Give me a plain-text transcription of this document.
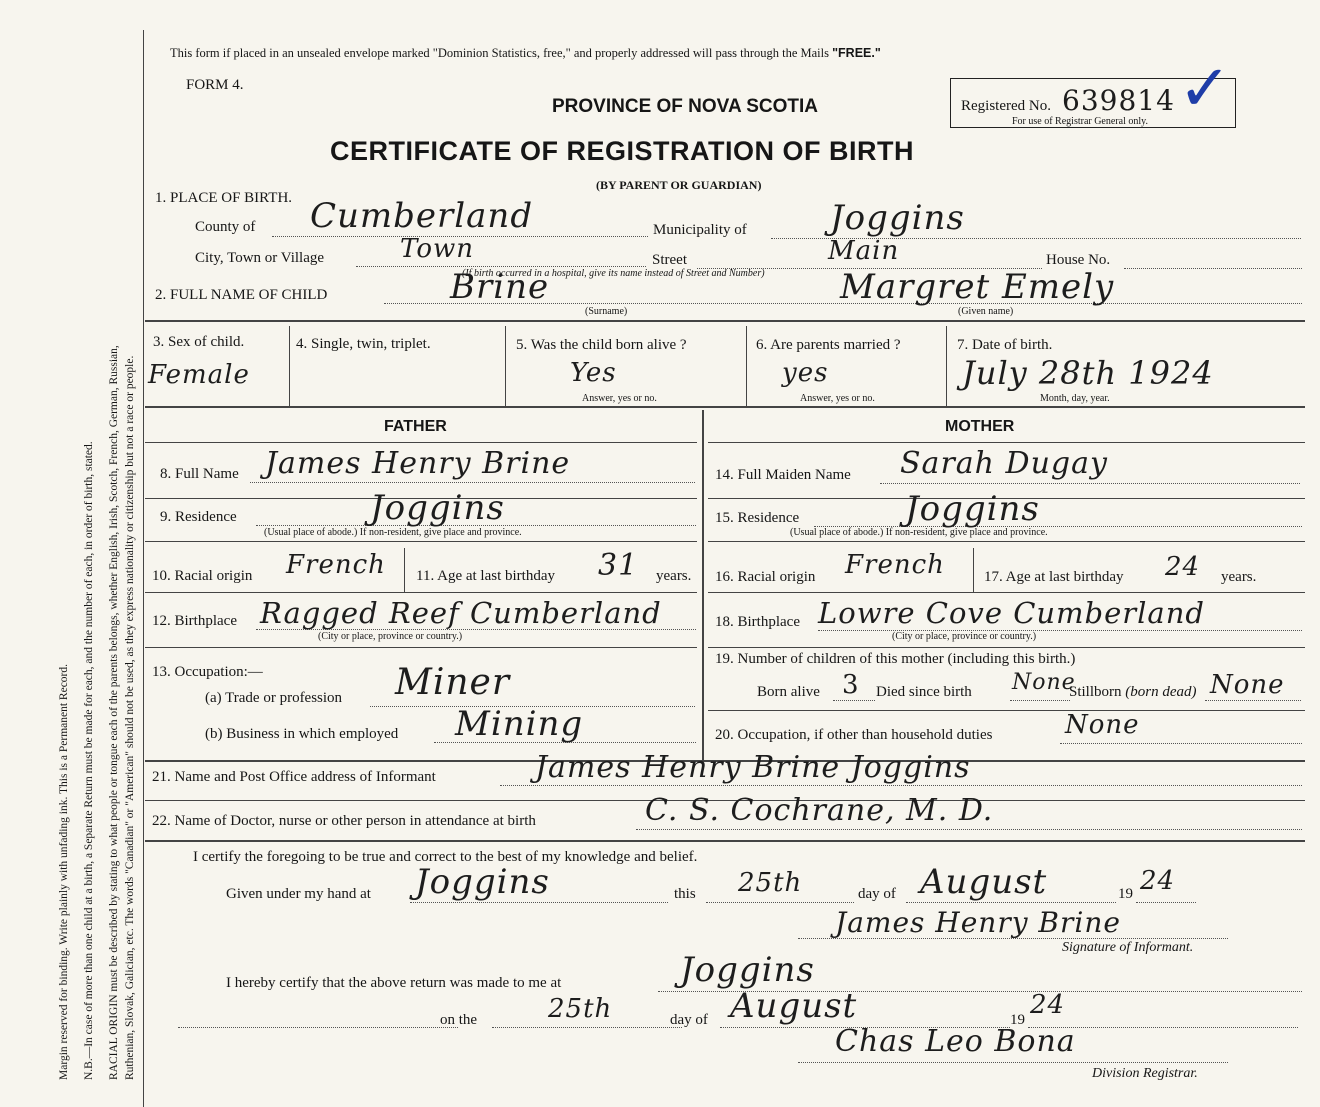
Margin reserved for binding. Write plainly with unfading ink. This is a Permanent Record. N.B.—In case of more than one child at a birth, a Separate Return must be made for each, and the number of each, in order of birth, stated. RACIAL ORIGIN must be described by stating to what people or tongue each of the parents belongs, whether English, Irish, Scotch, French, German, Russian, Ruthenian, Slovak, Galician, etc. The words "Canadian" or "American" should not be used, as they express nationality or citizenship but not a race or people.
This form if placed in an unsealed envelope marked "Dominion Statistics, free," and properly addressed will pass through the Mails "FREE."
FORM 4.
PROVINCE OF NOVA SCOTIA
CERTIFICATE OF REGISTRATION OF BIRTH
(BY PARENT OR GUARDIAN)
Registered No. 639814
For use of Registrar General only. ✓
1. PLACE OF BIRTH.
County of Cumberland	Municipality of Joggins
City, Town or Village	Town	Street	Main	House No.
(If birth occurred in a hospital, give its name instead of Street and Number)
2. FULL NAME OF CHILD	Brine
(Surname)
Margret Emely
(Given name)
3. Sex of child.
Female
4. Single, twin, triplet.	5. Was the child born alive ?
Yes
Answer, yes or no.
6. Are parents married ?
yes
Answer, yes or no.
7. Date of birth.
July 28th 1924
Month, day, year.
FATHER	MOTHER
8. Full Name James Henry Brine	14. Full Maiden Name Sarah Dugay
9. Residence	Joggins
(Usual place of abode.) If non-resident, give place and province.
15. Residence	Joggins
(Usual place of abode.) If non-resident, give place and province.
10. Racial origin French 11. Age at last birthday 31 years. 16. Racial origin French	17. Age at last birthday 24 years.
12. Birthplace Ragged Reef Cumberland
(City or place, province or country.)
18. Birthplace Lowre Cove Cumberland
(City or place, province or country.)
13. Occupation:—
(a) Trade or profession Miner
(b) Business in which employed Mining
19. Number of children of this mother (including this birth.)
Born alive 3 Died since birth None
Stillborn (born dead) None
20. Occupation, if other than household duties	None
21. Name and Post Office address of Informant	James Henry Brine Joggins
22. Name of Doctor, nurse or other person in attendance at birth	C. S. Cochrane, M. D.
I certify the foregoing to be true and correct to the best of my knowledge and belief.
Given under my hand at Joggins	this 25th	day of August	19 24
James Henry Brine
Signature of Informant.
I hereby certify that the above return was made to me at	Joggins
on the	25th	day of August	19 24
Chas Leo Bona
Division Registrar.
